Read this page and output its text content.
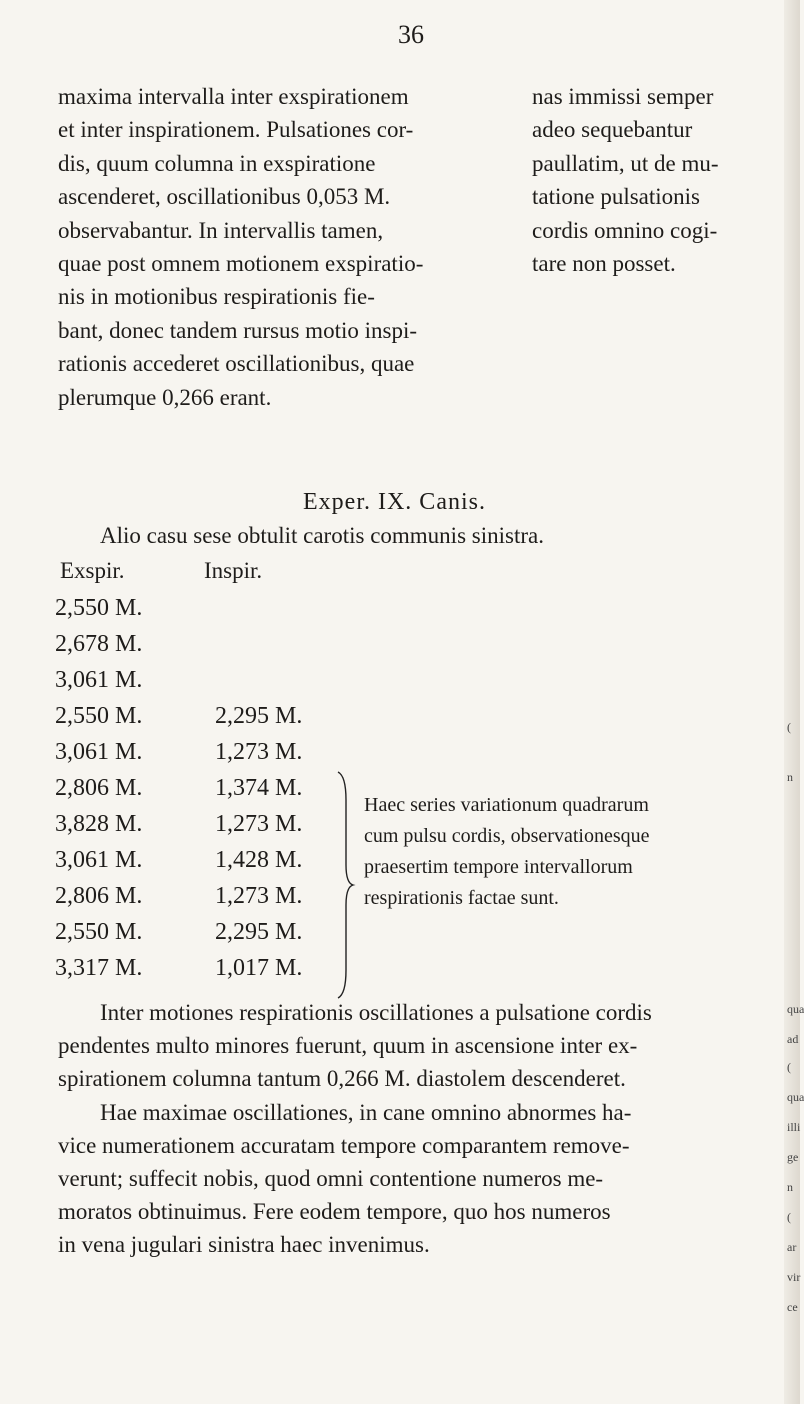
36
maxima intervalla inter exspirationem
et inter inspirationem. Pulsationes cor-
dis, quum columna in exspiratione
ascenderet, oscillationibus 0,053 M.
observabantur. In intervallis tamen,
quae post omnem motionem exspiratio-
nis in motionibus respirationis fie-
bant, donec tandem rursus motio inspi-
rationis accederet oscillationibus, quae
plerumque 0,266 erant.
nas immissi semper
adeo sequebantur
paullatim, ut de mu-
tatione pulsationis
cordis omnino cogi-
tare non posset.
Exper. IX. Canis.
Alio casu sese obtulit carotis communis sinistra.
Exspir.	Inspir.
2,550 M.
2,678 M.
3,061 M.
2,550 M.	2,295 M.
3,061 M.	1,273 M.
2,806 M.	1,374 M.
3,828 M.	1,273 M.
3,061 M.	1,428 M.
2,806 M.	1,273 M.
2,550 M.	2,295 M.
3,317 M.	1,017 M.
Haec series variationum quadrarum
cum pulsu cordis, observationesque
praesertim tempore intervallorum
respirationis factae sunt.
Inter motiones respirationis oscillationes a pulsatione cordis
pendentes multo minores fuerunt, quum in ascensione inter ex-
spirationem columna tantum 0,266 M. diastolem descenderet.
Hae maximae oscillationes, in cane omnino abnormes ha-
vice numerationem accuratam tempore comparantem remove-
verunt; suffecit nobis, quod omni contentione numeros me-
moratos obtinuimus. Fere eodem tempore, quo hos numeros
in vena jugulari sinistra haec invenimus.
(
n
qua
ad
(
qua
illi
ge
n
(
ar
vir
ce
